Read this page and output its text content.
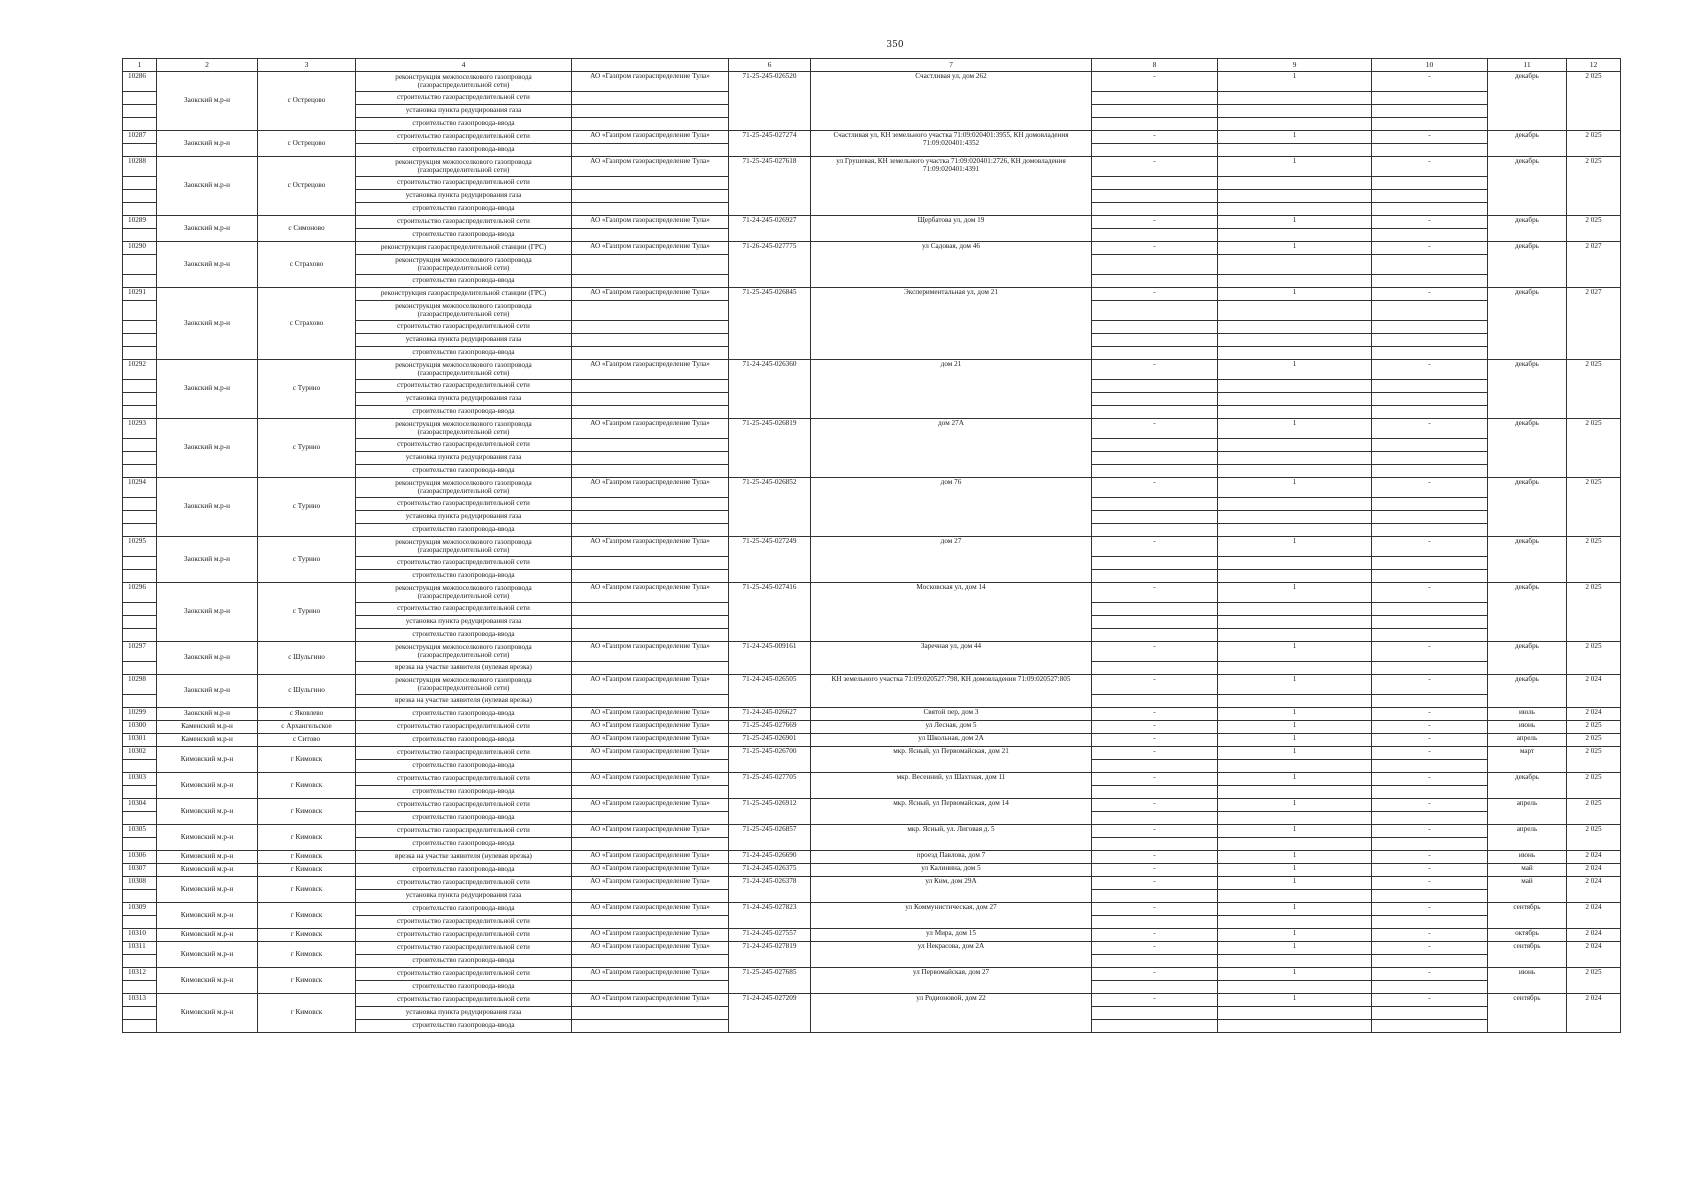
350
1	2	3	4		6	7	8	9	10	11	12
10286	Заокский м.р-н	с Острецово	реконструкция межпоселкового газопровода (газораспределительной сети)	АО «Газпром газораспределение Тула»	71-25-245-026520	Счастливая ул, дом 262	-	1	-	декабрь	2 025
			строительство газораспределительной сети								
			установка пункта редуцирования газа								
			строительство газопровода-ввода								
10287	Заокский м.р-н	с Острецово	строительство газораспределительной сети	АО «Газпром газораспределение Тула»	71-25-245-027274	Счастливая ул, КН земельного участка 71:09:020401:3955, КН домовладения 71:09:020401:4352	-	1	-	декабрь	2 025
			строительство газопровода-ввода								
10288	Заокский м.р-н	с Острецово	реконструкция межпоселкового газопровода (газораспределительной сети)	АО «Газпром газораспределение Тула»	71-25-245-027618	ул Грушевая, КН земельного участка 71:09:020401:2726, КН домовладения 71:09:020401:4391	-	1	-	декабрь	2 025
			строительство газораспределительной сети								
			установка пункта редуцирования газа								
			строительство газопровода-ввода								
10289	Заокский м.р-н	с Симоново	строительство газораспределительной сети	АО «Газпром газораспределение Тула»	71-24-245-026927	Щербатова ул, дом 19	-	1	-	декабрь	2 025
			строительство газопровода-ввода								
10290	Заокский м.р-н	с Страхово	реконструкция газораспределительной станции (ГРС)	АО «Газпром газораспределение Тула»	71-26-245-027775	ул Садовая, дом 46	-	1	-	декабрь	2 027
			реконструкция межпоселкового газопровода (газораспределительной сети)								
			строительство газопровода-ввода								
10291	Заокский м.р-н	с Страхово	реконструкция газораспределительной станции (ГРС)	АО «Газпром газораспределение Тула»	71-25-245-026845	Экспериментальная ул, дом 21	-	1	-	декабрь	2 027
			реконструкция межпоселкового газопровода (газораспределительной сети)								
			строительство газораспределительной сети								
			установка пункта редуцирования газа								
			строительство газопровода-ввода								
10292	Заокский м.р-н	с Турино	реконструкция межпоселкового газопровода (газораспределительной сети)	АО «Газпром газораспределение Тула»	71-24-245-026360	дом 21	-	1	-	декабрь	2 025
			строительство газораспределительной сети								
			установка пункта редуцирования газа								
			строительство газопровода-ввода								
10293	Заокский м.р-н	с Турино	реконструкция межпоселкового газопровода (газораспределительной сети)	АО «Газпром газораспределение Тула»	71-25-245-026819	дом 27А	-	1	-	декабрь	2 025
			строительство газораспределительной сети								
			установка пункта редуцирования газа								
			строительство газопровода-ввода								
10294	Заокский м.р-н	с Турино	реконструкция межпоселкового газопровода (газораспределительной сети)	АО «Газпром газораспределение Тула»	71-25-245-026852	дом 76	-	1	-	декабрь	2 025
			строительство газораспределительной сети								
			установка пункта редуцирования газа								
			строительство газопровода-ввода								
10295	Заокский м.р-н	с Турино	реконструкция межпоселкового газопровода (газораспределительной сети)	АО «Газпром газораспределение Тула»	71-25-245-027249	дом 27	-	1	-	декабрь	2 025
			строительство газораспределительной сети								
			строительство газопровода-ввода								
10296	Заокский м.р-н	с Турино	реконструкция межпоселкового газопровода (газораспределительной сети)	АО «Газпром газораспределение Тула»	71-25-245-027416	Московская ул, дом 14	-	1	-	декабрь	2 025
			строительство газораспределительной сети								
			установка пункта редуцирования газа								
			строительство газопровода-ввода								
10297	Заокский м.р-н	с Шульгино	реконструкция межпоселкового газопровода (газораспределительной сети)	АО «Газпром газораспределение Тула»	71-24-245-009161	Заречная ул, дом 44	-	1	-	декабрь	2 025
			врезка на участке заявителя (нулевая врезка)								
10298	Заокский м.р-н	с Шульгино	реконструкция межпоселкового газопровода (газораспределительной сети)	АО «Газпром газораспределение Тула»	71-24-245-026505	КН земельного участка 71:09:020527:798, КН домовладения 71:09:020527:805	-	1	-	декабрь	2 024
			врезка на участке заявителя (нулевая врезка)								
10299	Заокский м.р-н	с Яковлево	строительство газопровода-ввода	АО «Газпром газораспределение Тула»	71-24-245-026627	Святой пер, дом 3	-	1	-	июль	2 024
10300	Каменский м.р-н	с Архангельское	строительство газораспределительной сети	АО «Газпром газораспределение Тула»	71-25-245-027669	ул Лесная, дом 5	-	1	-	июнь	2 025
10301	Каменский м.р-н	с Ситово	строительство газопровода-ввода	АО «Газпром газораспределение Тула»	71-25-245-026901	ул Школьная, дом 2А	-	1	-	апрель	2 025
10302	Кимовский м.р-н	г Кимовск	строительство газораспределительной сети	АО «Газпром газораспределение Тула»	71-25-245-026700	мкр. Ясный, ул Первомайская, дом 21	-	1	-	март	2 025
			строительство газопровода-ввода								
10303	Кимовский м.р-н	г Кимовск	строительство газораспределительной сети	АО «Газпром газораспределение Тула»	71-25-245-027705	мкр. Весенний, ул Шахтная, дом 11	-	1	-	декабрь	2 025
			строительство газопровода-ввода								
10304	Кимовский м.р-н	г Кимовск	строительство газораспределительной сети	АО «Газпром газораспределение Тула»	71-25-245-026912	мкр. Ясный, ул Первомайская, дом 14	-	1	-	апрель	2 025
			строительство газопровода-ввода								
10305	Кимовский м.р-н	г Кимовск	строительство газораспределительной сети	АО «Газпром газораспределение Тула»	71-25-245-026857	мкр. Ясный, ул. Лиговая д. 5	-	1	-	апрель	2 025
			строительство газопровода-ввода								
10306	Кимовский м.р-н	г Кимовск	врезка на участке заявителя (нулевая врезка)	АО «Газпром газораспределение Тула»	71-24-245-026690	проезд Павлова, дом 7	-	1	-	июнь	2 024
10307	Кимовский м.р-н	г Кимовск	строительство газопровода-ввода	АО «Газпром газораспределение Тула»	71-24-245-026375	ул Калинина, дом 5	-	1	-	май	2 024
10308	Кимовский м.р-н	г Кимовск	строительство газораспределительной сети	АО «Газпром газораспределение Тула»	71-24-245-026378	ул Ким, дом 29А	-	1	-	май	2 024
			установка пункта редуцирования газа								
10309	Кимовский м.р-н	г Кимовск	строительство газопровода-ввода	АО «Газпром газораспределение Тула»	71-24-245-027823	ул Коммунистическая, дом 27	-	1	-	сентябрь	2 024
			строительство газораспределительной сети								
10310	Кимовский м.р-н	г Кимовск	строительство газораспределительной сети	АО «Газпром газораспределение Тула»	71-24-245-027557	ул Мира, дом 15	-	1	-	октябрь	2 024
10311	Кимовский м.р-н	г Кимовск	строительство газораспределительной сети	АО «Газпром газораспределение Тула»	71-24-245-027819	ул Некрасова, дом 2А	-	1	-	сентябрь	2 024
			строительство газопровода-ввода								
10312	Кимовский м.р-н	г Кимовск	строительство газораспределительной сети	АО «Газпром газораспределение Тула»	71-25-245-027685	ул Первомайская, дом 27	-	1	-	июнь	2 025
			строительство газопровода-ввода								
10313	Кимовский м.р-н	г Кимовск	строительство газораспределительной сети	АО «Газпром газораспределение Тула»	71-24-245-027209	ул Родионовой, дом 22	-	1	-	сентябрь	2 024
			установка пункта редуцирования газа								
			строительство газопровода-ввода								
